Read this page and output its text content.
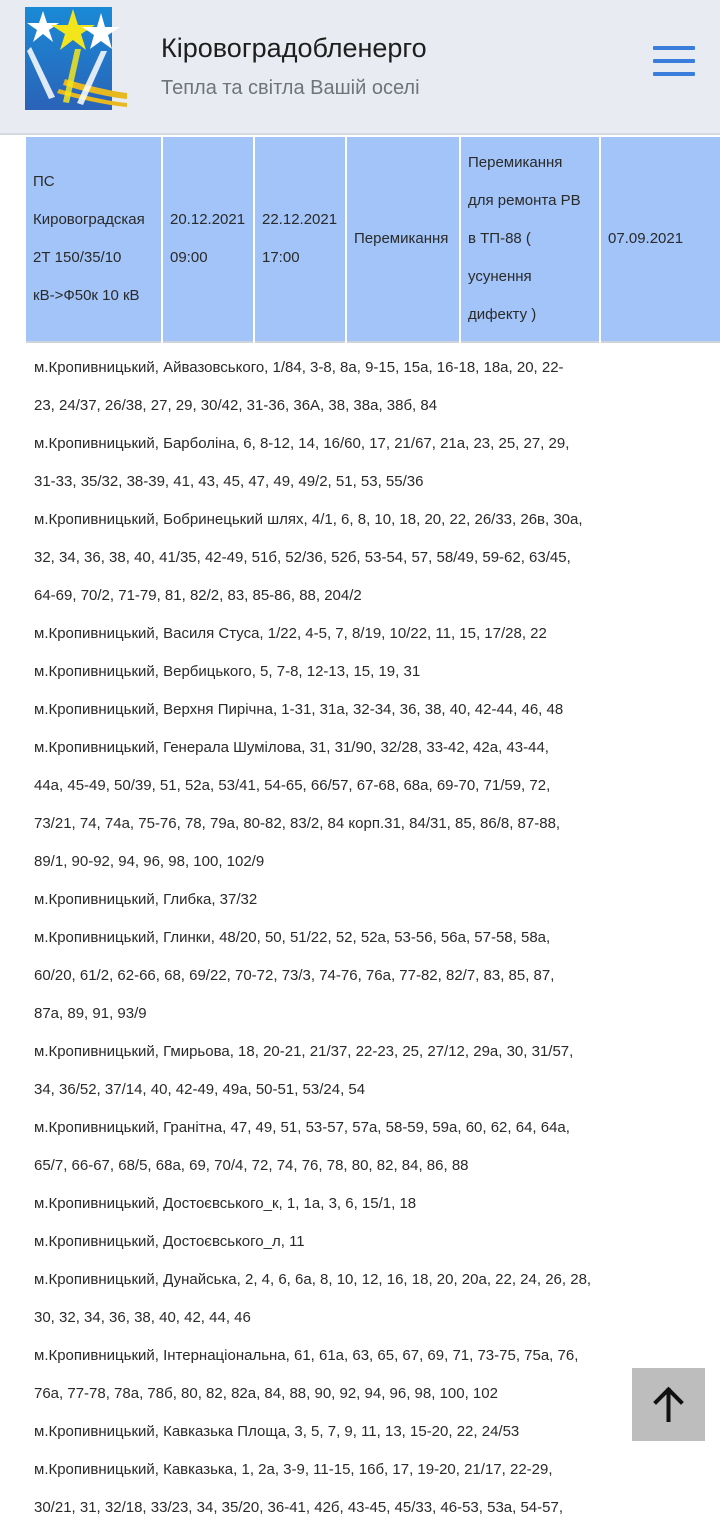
Кіровоградобленерго
Тепла та світла Вашій оселі
ПС
Кировоградская
2Т 150/35/10
кВ->Ф50к 10 кВ

20.12.2021
09:00

22.12.2021
17:00

Перемикання

Перемикання
для ремонта РВ
в ТП-88 (
усунення
дифекту )

07.09.2021
м.Кропивницький, Айвазовського, 1/84, 3-8, 8а, 9-15, 15а, 16-18, 18а, 20, 22-
23, 24/37, 26/38, 27, 29, 30/42, 31-36, 36А, 38, 38а, 38б, 84
м.Кропивницький, Барболіна, 6, 8-12, 14, 16/60, 17, 21/67, 21а, 23, 25, 27, 29,
31-33, 35/32, 38-39, 41, 43, 45, 47, 49, 49/2, 51, 53, 55/36
м.Кропивницький, Бобринецький шлях, 4/1, 6, 8, 10, 18, 20, 22, 26/33, 26в, 30а,
32, 34, 36, 38, 40, 41/35, 42-49, 51б, 52/36, 52б, 53-54, 57, 58/49, 59-62, 63/45,
64-69, 70/2, 71-79, 81, 82/2, 83, 85-86, 88, 204/2
м.Кропивницький, Василя Стуса, 1/22, 4-5, 7, 8/19, 10/22, 11, 15, 17/28, 22
м.Кропивницький, Вербицького, 5, 7-8, 12-13, 15, 19, 31
м.Кропивницький, Верхня Пирічна, 1-31, 31а, 32-34, 36, 38, 40, 42-44, 46, 48
м.Кропивницький, Генерала Шумілова, 31, 31/90, 32/28, 33-42, 42а, 43-44,
44а, 45-49, 50/39, 51, 52а, 53/41, 54-65, 66/57, 67-68, 68а, 69-70, 71/59, 72,
73/21, 74, 74а, 75-76, 78, 79а, 80-82, 83/2, 84 корп.31, 84/31, 85, 86/8, 87-88,
89/1, 90-92, 94, 96, 98, 100, 102/9
м.Кропивницький, Глибка, 37/32
м.Кропивницький, Глинки, 48/20, 50, 51/22, 52, 52а, 53-56, 56а, 57-58, 58а,
60/20, 61/2, 62-66, 68, 69/22, 70-72, 73/3, 74-76, 76а, 77-82, 82/7, 83, 85, 87,
87а, 89, 91, 93/9
м.Кропивницький, Гмирьова, 18, 20-21, 21/37, 22-23, 25, 27/12, 29а, 30, 31/57,
34, 36/52, 37/14, 40, 42-49, 49а, 50-51, 53/24, 54
м.Кропивницький, Гранітна, 47, 49, 51, 53-57, 57а, 58-59, 59а, 60, 62, 64, 64а,
65/7, 66-67, 68/5, 68а, 69, 70/4, 72, 74, 76, 78, 80, 82, 84, 86, 88
м.Кропивницький, Достоєвського_к, 1, 1а, 3, 6, 15/1, 18
м.Кропивницький, Достоєвського_л, 11
м.Кропивницький, Дунайська, 2, 4, 6, 6а, 8, 10, 12, 16, 18, 20, 20а, 22, 24, 26, 28,
30, 32, 34, 36, 38, 40, 42, 44, 46
м.Кропивницький, Інтернаціональна, 61, 61а, 63, 65, 67, 69, 71, 73-75, 75а, 76,
76а, 77-78, 78а, 78б, 80, 82, 82а, 84, 88, 90, 92, 94, 96, 98, 100, 102
м.Кропивницький, Кавказька Площа, 3, 5, 7, 9, 11, 13, 15-20, 22, 24/53
м.Кропивницький, Кавказька, 1, 2а, 3-9, 11-15, 16б, 17, 19-20, 21/17, 22-29,
30/21, 31, 32/18, 33/23, 34, 35/20, 36-41, 42б, 43-45, 45/33, 46-53, 53а, 54-57,
